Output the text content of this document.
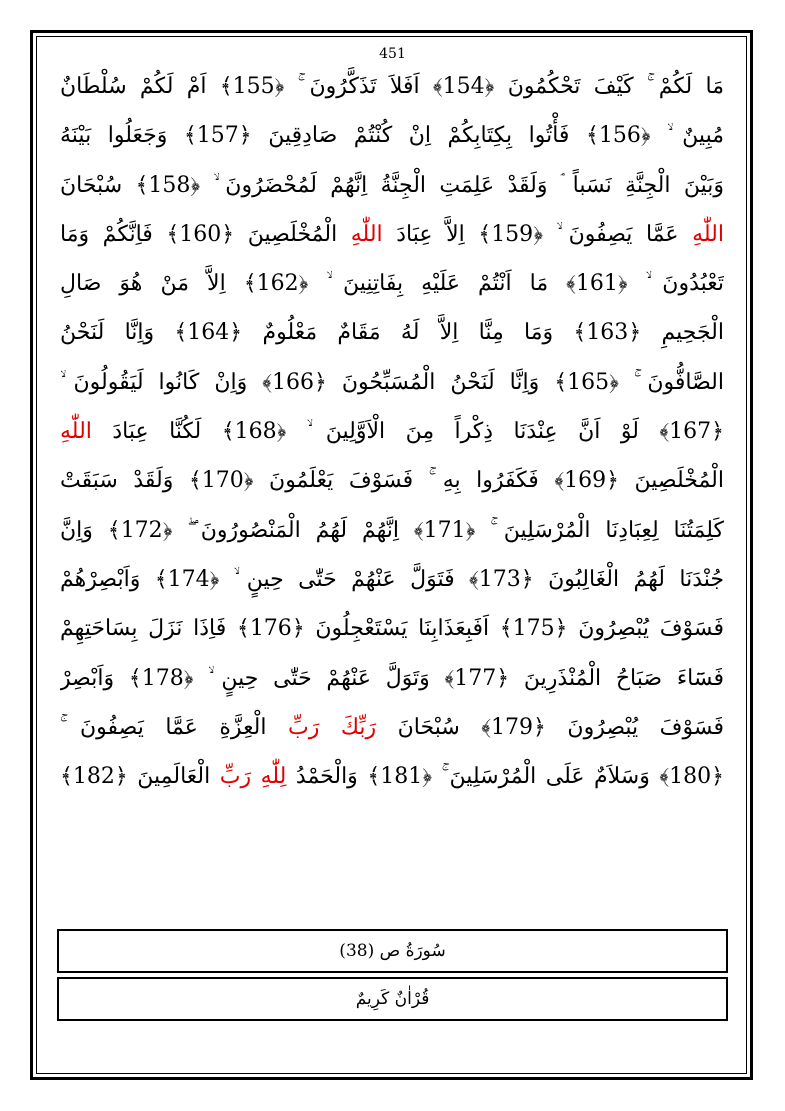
451
مَا لَكُمْ ۚ كَيْفَ تَحْكُمُونَ ﴿154﴾ اَفَلاَ تَذَكَّرُونَ ۚ ﴿155﴾ اَمْ لَكُمْ سُلْطَانٌ
مُبِينٌ ۙ ﴿156﴾ فَأْتُوا بِكِتَابِكُمْ اِنْ كُنْتُمْ صَادِقِينَ ﴿157﴾ وَجَعَلُوا بَيْنَهُ
وَبَيْنَ الْجِنَّةِ نَسَباً ۘ وَلَقَدْ عَلِمَتِ الْجِنَّةُ اِنَّهُمْ لَمُحْضَرُونَ ۙ ﴿158﴾ سُبْحَانَ
اللّٰهِ عَمَّا يَصِفُونَ ۙ ﴿159﴾ اِلاَّ عِبَادَ اللّٰهِ الْمُخْلَصِينَ ﴿160﴾ فَاِنَّكُمْ وَمَا
تَعْبُدُونَ ۙ ﴿161﴾ مَا اَنْتُمْ عَلَيْهِ بِفَاتِنِينَ ۙ ﴿162﴾ اِلاَّ مَنْ هُوَ صَالِ
الْجَحِيمِ ﴿163﴾ وَمَا مِنَّا اِلاَّ لَهُ مَقَامٌ مَعْلُومٌ ﴿164﴾ وَاِنَّا لَنَحْنُ
الصَّافُّونَ ۚ ﴿165﴾ وَاِنَّا لَنَحْنُ الْمُسَبِّحُونَ ﴿166﴾ وَاِنْ كَانُوا لَيَقُولُونَ ۙ
﴿167﴾ لَوْ اَنَّ عِنْدَنَا ذِكْراً مِنَ الْاَوَّلِينَ ۙ ﴿168﴾ لَكُنَّا عِبَادَ اللّٰهِ
الْمُخْلَصِينَ ﴿169﴾ فَكَفَرُوا بِهِ ۚ فَسَوْفَ يَعْلَمُونَ ﴿170﴾ وَلَقَدْ سَبَقَتْ
كَلِمَتُنَا لِعِبَادِنَا الْمُرْسَلِينَ ۚ ﴿171﴾ اِنَّهُمْ لَهُمُ الْمَنْصُورُونَ ۖ ﴿172﴾ وَاِنَّ
جُنْدَنَا لَهُمُ الْغَالِبُونَ ﴿173﴾ فَتَوَلَّ عَنْهُمْ حَتّٰى حِينٍ ۙ ﴿174﴾ وَاَبْصِرْهُمْ
فَسَوْفَ يُبْصِرُونَ ﴿175﴾ اَفَبِعَذَابِنَا يَسْتَعْجِلُونَ ﴿176﴾ فَاِذَا نَزَلَ بِسَاحَتِهِمْ
فَسَٓاءَ صَبَاحُ الْمُنْذَرِينَ ﴿177﴾ وَتَوَلَّ عَنْهُمْ حَتّٰى حِينٍ ۙ ﴿178﴾ وَاَبْصِرْ
فَسَوْفَ يُبْصِرُونَ ﴿179﴾ سُبْحَانَ رَبِّكَ رَبِّ الْعِزَّةِ عَمَّا يَصِفُونَ ۚ
﴿180﴾ وَسَلاَمٌ عَلَى الْمُرْسَلِينَ ۚ ﴿181﴾ وَالْحَمْدُ لِلّٰهِ رَبِّ الْعَالَمِينَ ﴿182﴾
سُورَةُ ص (38)
قُرْاٰنٌ كَرِيمٌ
